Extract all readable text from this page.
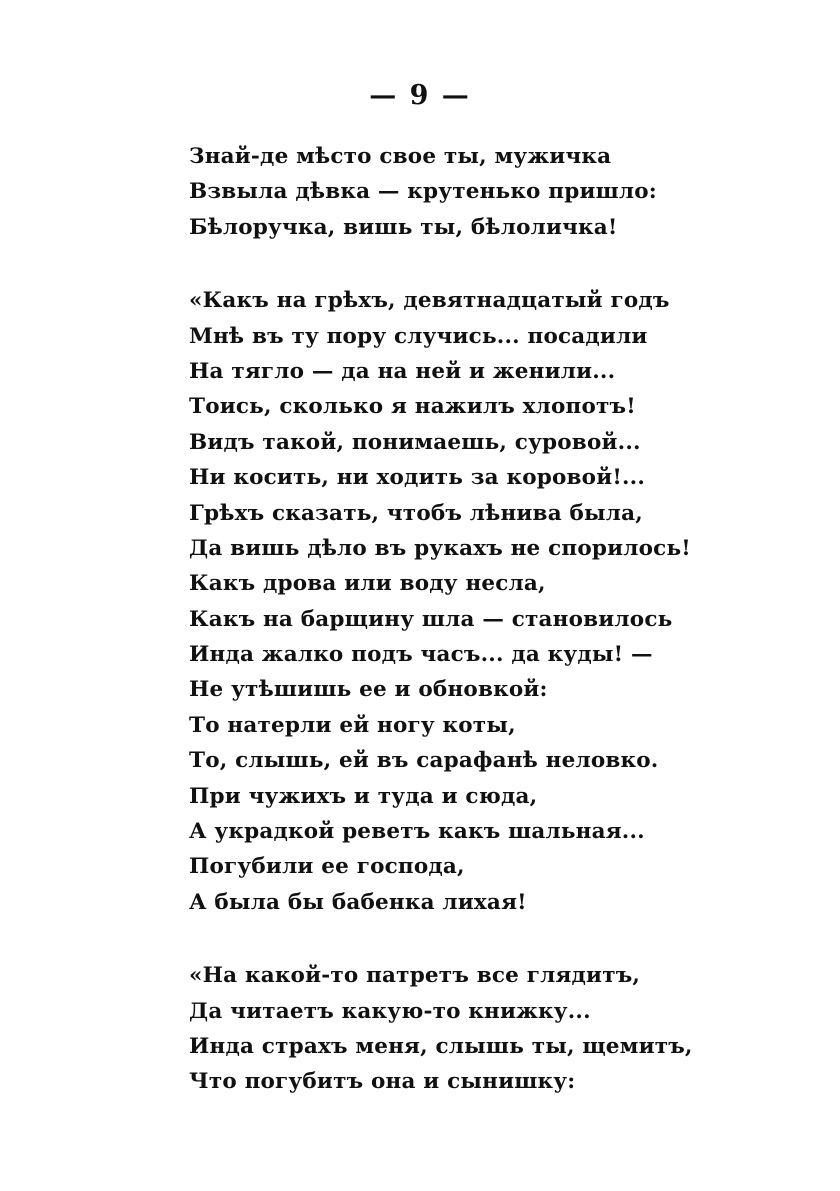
— 9 —
Знай-де мѣсто свое ты, мужичка
Взвыла дѣвка — крутенько пришло:
Бѣлоручка, вишь ты, бѣлоличка!
«Какъ на грѣхъ, девятнадцатый годъ
Мнѣ въ ту пору случись... посадили
На тягло — да на ней и женили...
Тоись, сколько я нажилъ хлопотъ!
Видъ такой, понимаешь, суровой...
Ни косить, ни ходить за коровой!...
Грѣхъ сказать, чтобъ лѣнива была,
Да вишь дѣло въ рукахъ не спорилось!
Какъ дрова или воду несла,
Какъ на барщину шла — становилось
Инда жалко подъ часъ... да куды! —
Не утѣшишь ее и обновкой:
То натерли ей ногу коты,
То, слышь, ей въ сарафанѣ неловко.
При чужихъ и туда и сюда,
А украдкой реветъ какъ шальная...
Погубили ее господа,
А была бы бабенка лихая!
«На какой-то патретъ все глядитъ,
Да читаетъ какую-то книжку...
Инда страхъ меня, слышь ты, щемитъ,
Что погубитъ она и сынишку:
